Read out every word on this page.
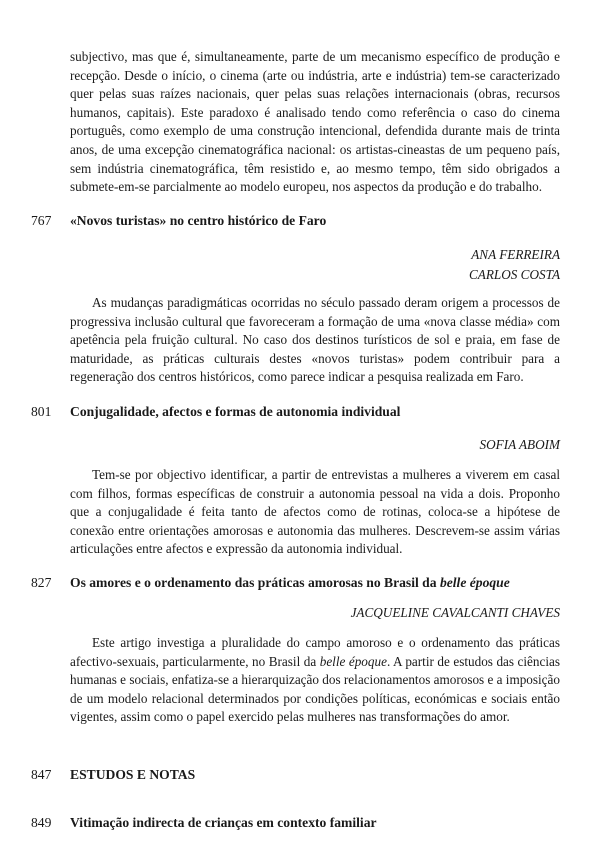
subjectivo, mas que é, simultaneamente, parte de um mecanismo específico de produção e recepção. Desde o início, o cinema (arte ou indústria, arte e indústria) tem-se caracterizado quer pelas suas raízes nacionais, quer pelas suas relações internacionais (obras, recursos humanos, capitais). Este paradoxo é analisado tendo como referência o caso do cinema português, como exemplo de uma construção intencional, defendida durante mais de trinta anos, de uma excepção cinematográfica nacional: os artistas-cineastas de um pequeno país, sem indústria cinematográfica, têm resistido e, ao mesmo tempo, têm sido obrigados a submete-em-se parcialmente ao modelo europeu, nos aspectos da produção e do trabalho.

767	«Novos turistas» no centro histórico de Faro
ANA FERREIRA
CARLOS COSTA

As mudanças paradigmáticas ocorridas no século passado deram origem a processos de progressiva inclusão cultural que favoreceram a formação de uma «nova classe média» com apetência pela fruição cultural. No caso dos destinos turísticos de sol e praia, em fase de maturidade, as práticas culturais destes «novos turistas» podem contribuir para a regeneração dos centros históricos, como parece indicar a pesquisa realizada em Faro.

801	Conjugalidade, afectos e formas de autonomia individual
SOFIA ABOIM

Tem-se por objectivo identificar, a partir de entrevistas a mulheres a viverem em casal com filhos, formas específicas de construir a autonomia pessoal na vida a dois. Proponho que a conjugalidade é feita tanto de afectos como de rotinas, coloca-se a hipótese de conexão entre orientações amorosas e autonomia das mulheres. Descrevem-se assim várias articulações entre afectos e expressão da autonomia individual.

827	Os amores e o ordenamento das práticas amorosas no Brasil da belle époque
JACQUELINE CAVALCANTI CHAVES

Este artigo investiga a pluralidade do campo amoroso e o ordenamento das práticas afectivo-sexuais, particularmente, no Brasil da belle époque. A partir de estudos das ciências humanas e sociais, enfatiza-se a hierarquização dos relacionamentos amorosos e a imposição de um modelo relacional determinados por condições políticas, económicas e sociais então vigentes, assim como o papel exercido pelas mulheres nas transformações do amor.

847	ESTUDOS E NOTAS
849	Vitimação indirecta de crianças em contexto familiar
